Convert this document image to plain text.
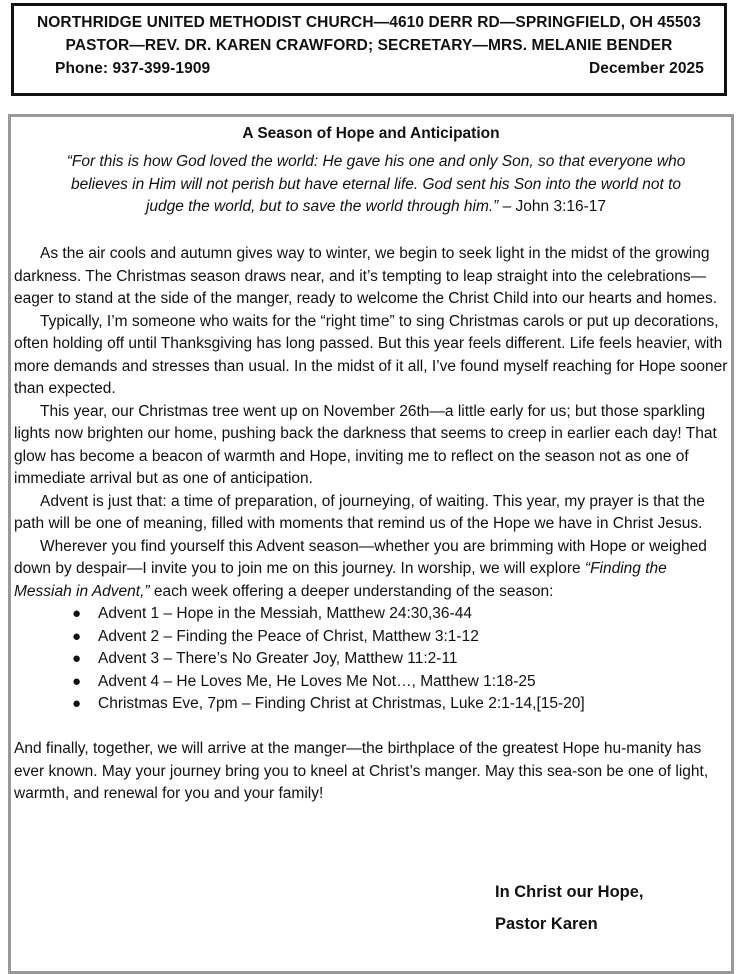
NORTHRIDGE UNITED METHODIST CHURCH—4610 DERR RD—SPRINGFIELD, OH 45503
PASTOR—REV. DR. KAREN CRAWFORD; SECRETARY—MRS. MELANIE BENDER
Phone: 937-399-1909	December 2025
A Season of Hope and Anticipation
“For this is how God loved the world: He gave his one and only Son, so that everyone who believes in Him will not perish but have eternal life. God sent his Son into the world not to judge the world, but to save the world through him.” – John 3:16-17

As the air cools and autumn gives way to winter, we begin to seek light in the midst of the growing darkness. The Christmas season draws near, and it’s tempting to leap straight into the celebrations—eager to stand at the side of the manger, ready to welcome the Christ Child into our hearts and homes.

Typically, I’m someone who waits for the “right time” to sing Christmas carols or put up decorations, often holding off until Thanksgiving has long passed. But this year feels different. Life feels heavier, with more demands and stresses than usual. In the midst of it all, I’ve found myself reaching for Hope sooner than expected.

This year, our Christmas tree went up on November 26th—a little early for us; but those sparkling lights now brighten our home, pushing back the darkness that seems to creep in earlier each day! That glow has become a beacon of warmth and Hope, inviting me to reflect on the season not as one of immediate arrival but as one of anticipation.

Advent is just that: a time of preparation, of journeying, of waiting. This year, my prayer is that the path will be one of meaning, filled with moments that remind us of the Hope we have in Christ Jesus.

Wherever you find yourself this Advent season—whether you are brimming with Hope or weighed down by despair—I invite you to join me on this journey. In worship, we will explore “Finding the Messiah in Advent,” each week offering a deeper understanding of the season:

● Advent 1 – Hope in the Messiah, Matthew 24:30,36-44
● Advent 2 – Finding the Peace of Christ, Matthew 3:1-12
● Advent 3 – There’s No Greater Joy, Matthew 11:2-11
● Advent 4 – He Loves Me, He Loves Me Not…, Matthew 1:18-25
● Christmas Eve, 7pm – Finding Christ at Christmas, Luke 2:1-14,[15-20]

And finally, together, we will arrive at the manger—the birthplace of the greatest Hope hu-manity has ever known. May your journey bring you to kneel at Christ’s manger. May this sea-son be one of light, warmth, and renewal for you and your family!

In Christ our Hope,
Pastor Karen
